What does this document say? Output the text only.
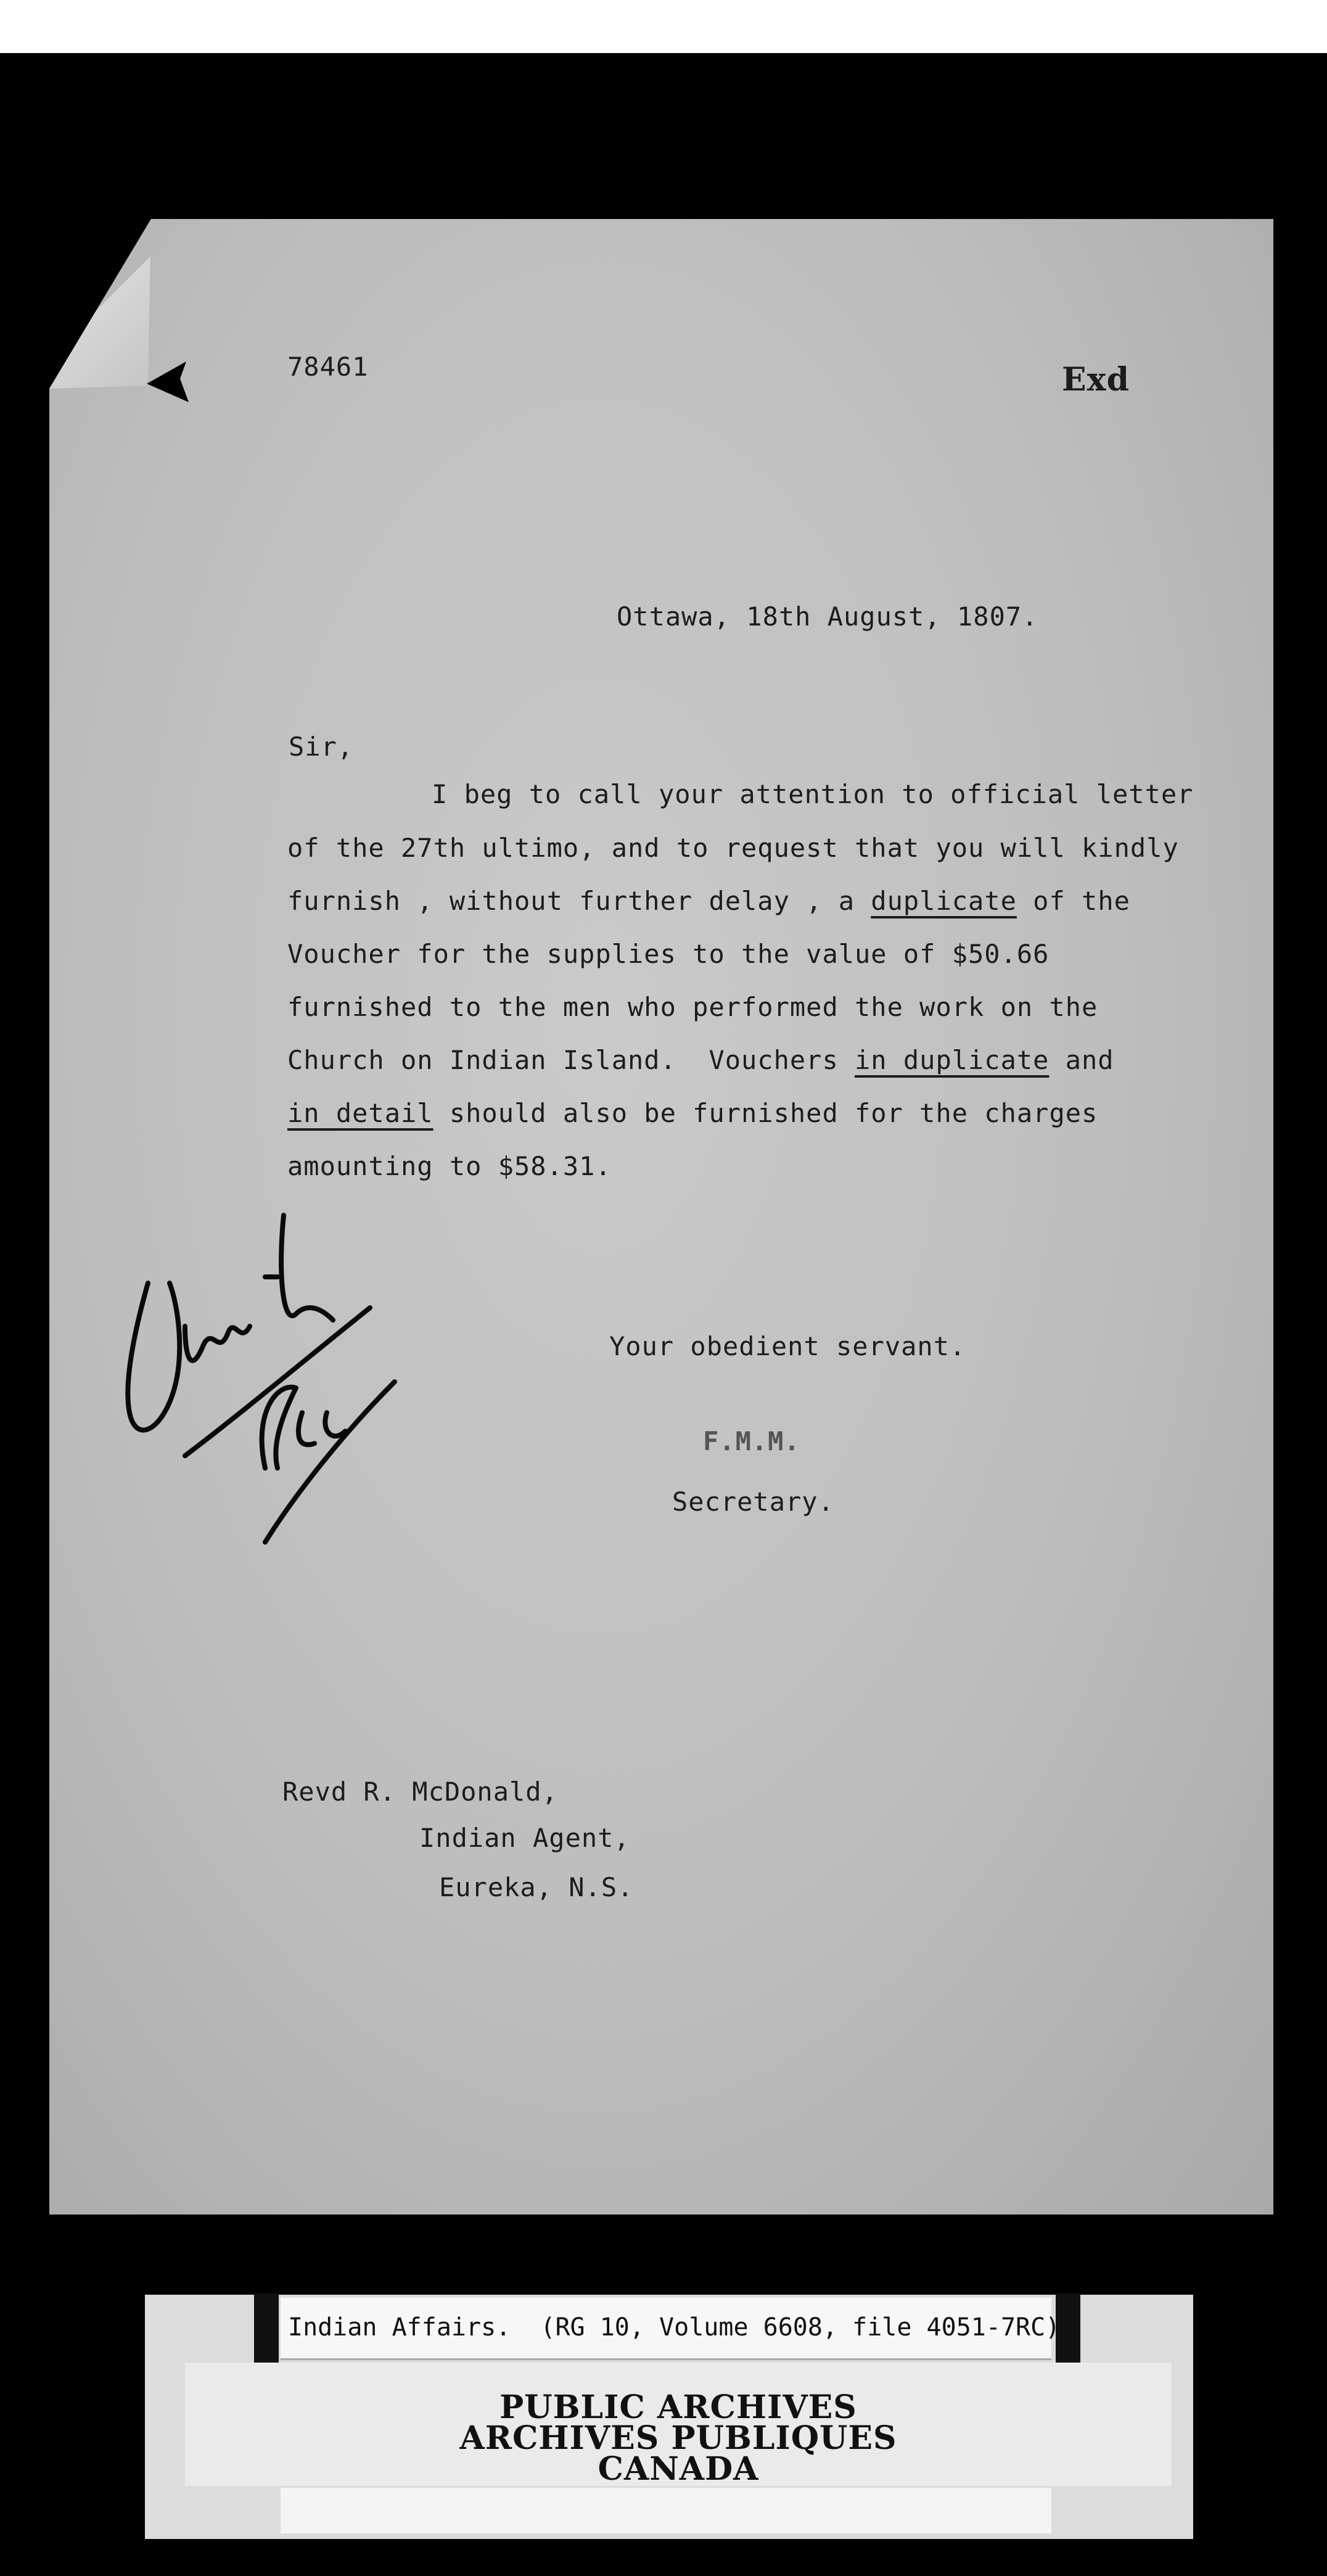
78461	Exd
Ottawa, 18th August, 1807.
Sir,
I beg to call your attention to official letter
of the 27th ultimo, and to request that you will kindly
furnish , without further delay , a duplicate of the
Voucher for the supplies to the value of $50.66
furnished to the men who performed the work on the
Church on Indian Island.  Vouchers in duplicate and
in detail should also be furnished for the charges
amounting to $58.31.
Your obedient servant.
F.M.M.
Secretary.
Revd R. McDonald,
Indian Agent,
Eureka, N.S.
Indian Affairs.  (RG 10, Volume 6608, file 4051-7RC)
PUBLIC ARCHIVES
ARCHIVES PUBLIQUES
CANADA
